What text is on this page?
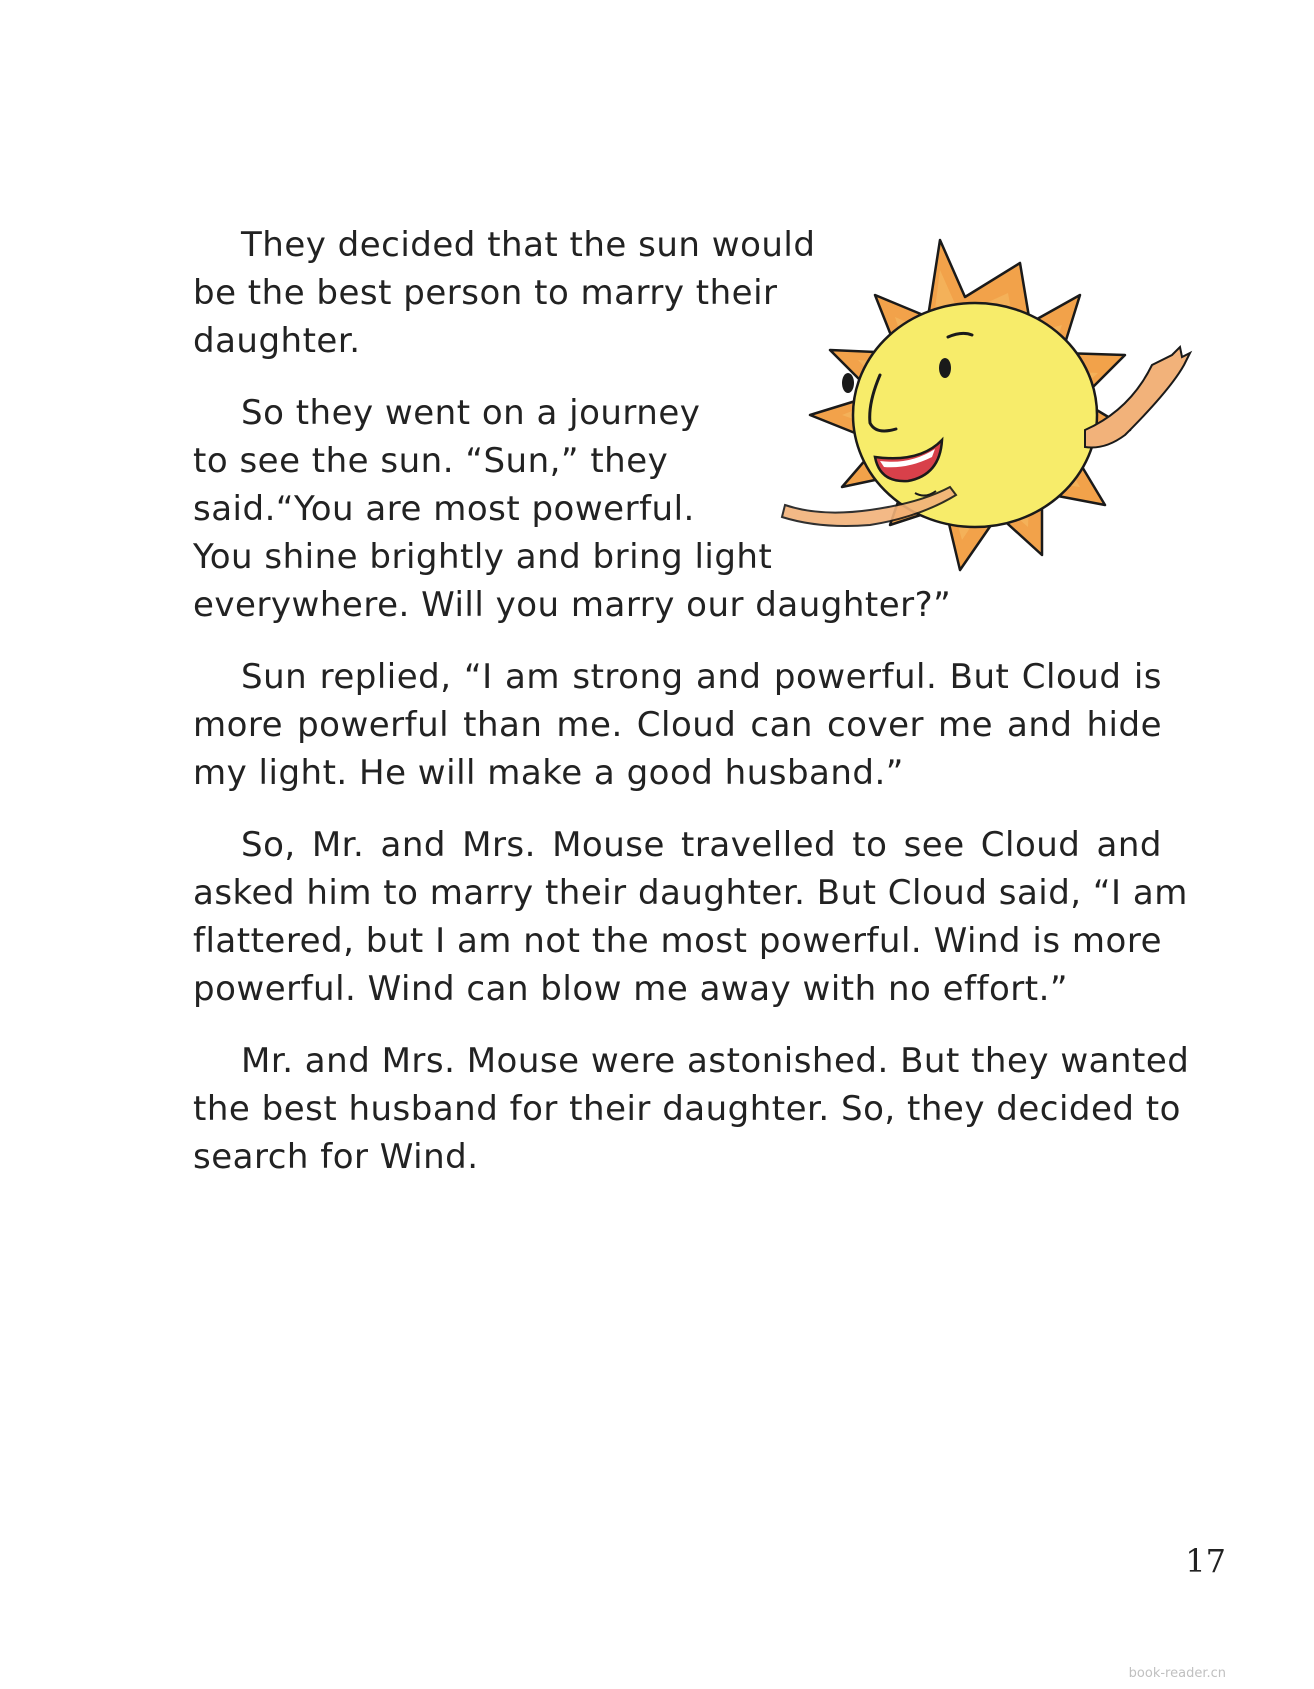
They decided that the sun would
be the best person to marry their
daughter.
So they went on a journey
to see the sun. “Sun,” they
said.“You are most powerful.
You shine brightly and bring light
everywhere. Will you marry our daughter?”
Sun replied, “I am strong and powerful. But Cloud is
more powerful than me. Cloud can cover me and hide
my light. He will make a good husband.”
So, Mr. and Mrs. Mouse travelled to see Cloud and
asked him to marry their daughter. But Cloud said, “I am
flattered, but I am not the most powerful. Wind is more
powerful. Wind can blow me away with no effort.”
Mr. and Mrs. Mouse were astonished. But they wanted
the best husband for their daughter. So, they decided to
search for Wind.
17
book-reader.cn
